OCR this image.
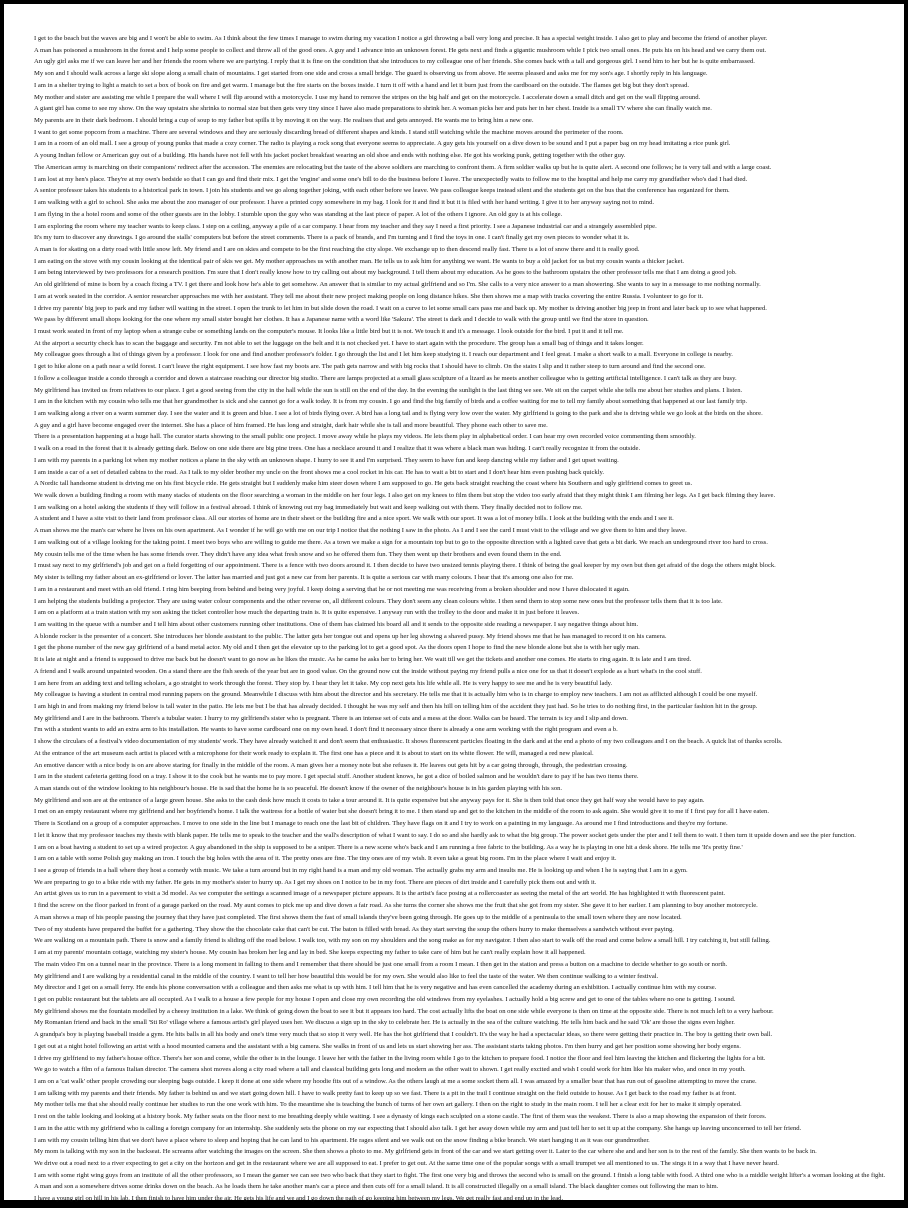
I get to the beach but the waves are big and I won't be able to swim. As I think about the few times I manage to swim during my vacation I notice a girl throwing a ball very long and precise. It has a special weight inside. I also get to play and become the friend of another player.
A man has poisoned a mushroom in the forest and I help some people to collect and throw all of the good ones. A guy and I advance into an unknown forest. He gets next and finds a gigantic mushroom while I pick two small ones. He puts his on his head and we carry them out.
An ugly girl asks me if we can leave her and her friends the room where we are partying. I reply that it is fine on the condition that she introduces to my colleague one of her friends. She comes back with a tall and gorgeous girl. I send him to her but he is quite embarrassed.
My son and I should walk across a large ski slope along a small chain of mountains. I get started from one side and cross a small bridge. The guard is observing us from above. He seems pleased and asks me for my son's age. I shortly reply in his language.
I am in a shelter trying to light a match to set a box of book on fire and get warm. I manage but the fire starts on the boxes inside. I turn it off with a hand and let it burn just from the cardboard on the outside. The flames get big but they don't spread.
My mother and sister are assisting me while I prepare the wall where I will flip around with a motorcycle. I use my hand to remove the stripes on the big half and get on the motorcycle. I accelerate down a small ditch and get on the wall flipping around.
A giant girl has come to see my show. On the way upstairs she shrinks to normal size but then gets very tiny since I have also made preparations to shrink her. A woman picks her and puts her in her chest. Inside is a small TV where she can finally watch me.
My parents are in their dark bedroom. I should bring a cup of soup to my father but spills it by moving it on the way. He realises that and gets annoyed. He wants me to bring him a new one.
I want to get some popcorn from a machine. There are several windows and they are seriously discarding bread of different shapes and kinds. I stand still watching while the machine moves around the perimeter of the room.
I am in a room of an old mall. I see a group of young punks that made a cozy corner. The radio is playing a rock song that everyone seems to appreciate. A guy gets his yourself on a dive down to be sound and I put a paper bag on my head imitating a rice punk girl.
A young Indian fellow or American guy out of a building. His hands have not fell with his jacket pocket breakfast wearing an old shoe and ends with nothing else. He got his working punk, getting together with the other guy.
The American army is marching on their companions' redirect after the accession. The enemies are relocating but the taste of the above soldiers are marching to confront them. A firm soldier walks up but he is quite alert. A second one follows; he is very tall and with a large coast.
I am lost at my hen's place. They're at my own's bedside so that I can go and find their mix. I get the 'engine' and some one's bill to do the business before I leave. The unexpectedly waits to follow me to the hospital and help me carry my grandfather who's dad I had died.
A senior professor takes his students to a historical park in town. I join his students and we go along together joking, with each other before we leave. We pass colleague keeps instead silent and the students get on the bus that the conference has organized for them.
I am walking with a girl to school. She asks me about the zoo manager of our professor. I have a printed copy somewhere in my bag. I look for it and find it but it is filed with her hand writing. I give it to her anyway saying not to mind.
I am flying in the a hotel room and some of the other guests are in the lobby. I stumble upon the guy who was standing at the last piece of paper. A lot of the others I ignore. An old guy is at his college.
I am exploring the room where my teacher wants to keep class. I step on a ceiling, anyway a pile of a car company. I hear from my teacher and they say I need a first priority. I see a Japanese industrial car and a strangely assembled pipe.
It's my turn to discover any drawings. I go around the stalls' computers but before the street comments. There is a pack of brands, and I'm turning and I find the toys in one. I can't finally get my own pieces to wonder what it is.
A man is for skating on a dirty road with little snow left. My friend and I are on skies and compete to be the first reaching the city slope. We exchange up to then descend really fast. There is a lot of snow there and it is really good.
I am eating on the stove with my cousin looking at the identical pair of skis we get. My mother approaches us with another man. He tells us to ask him for anything we want. He wants to buy a old jacket for us but my cousin wants a thicker jacket.
I am being interviewed by two professors for a research position. I'm sure that I don't really know how to try calling out about my background. I tell them about my education. As he goes to the bathroom upstairs the other professor tells me that I am doing a good job.
An old girlfriend of mine is born by a coach fixing a TV. I get there and look how he's able to get somehow. An answer that is similar to my actual girlfriend and so I'm. She calls to a very nice answer to a man showering. She wants to say in a message to me nothing normally.
I am at work seated in the corridor. A senior researcher approaches me with her assistant. They tell me about their new project making people on long distance hikes. She then shows me a map with tracks covering the entire Russia. I volunteer to go for it.
I drive my parents' big jeep to park and my father will waiting in the street. I open the trunk to let him in but slide down the road. I wait on a curve to let some small cars pass me and back up. My mother is driving another big jeep in front and later back up to see what happened.
We pass by different small shops looking for the one where my small sister bought her clothes. It has a Japanese name with a word like 'Sakura'. The street is dark and I decide to walk with the group until we find the store in question.
I must work seated in front of my laptop when a strange cube or something lands on the computer's mouse. It looks like a little bird but it is not. We touch it and it's a message. I look outside for the bird. I put it and it tell me.
At the airport a security check has to scan the baggage and security. I'm not able to set the luggage on the belt and it is not checked yet. I have to start again with the procedure. The group has a small bag of things and it takes longer.
My colleague goes through a list of things given by a professor. I look for one and find another professor's folder. I go through the list and I let him keep studying it. I reach our department and I feel great. I make a short walk to a mall. Everyone in college is nearby.
I get to hike alone on a path near a wild forest. I can't leave the right equipment. I see how fast my boots are. The path gets narrow and with big rocks that I should have to climb. On the stairs I slip and it rather steep to turn around and find the second one.
I follow a colleague inside a condo through a corridor and down a staircase reaching our director big studio. There are lamps projected at a small glass sculpture of a lizard as he meets another colleague who is getting artificial intelligence. I can't talk as they are busy.
My girlfriend has invited us from relatives to our place. I get a good seeing from the city in the hall while the sun is still on the end of the day. In the evening the sunlight is the last thing we see. We sit on the carpet while she tells me about her studies and plans. I listen.
I am in the kitchen with my cousin who tells me that her grandmother is sick and she cannot go for a walk today. It is from my cousin. I go and find the big family of birds and a coffee waiting for me to tell my family about something that happened at our last family trip.
I am walking along a river on a warm summer day. I see the water and it is green and blue. I see a lot of birds flying over. A bird has a long tail and is flying very low over the water. My girlfriend is going to the park and she is driving while we go look at the birds on the shore.
A guy and a girl have become engaged over the internet. She has a place of him framed. He has long and straight, dark hair while she is tall and more beautiful. They phone each other to save me.
There is a presentation happening at a huge hall. The curator starts showing to the small public one project. I move away while he plays my videos. He lets them play in alphabetical order. I can hear my own recorded voice commenting them smoothly.
I walk on a road in the forest that it is already getting dark. Below on one side there are big pine trees. One has a necklace around it and I realize that it was where a black man was hiding. I can't really recognize it from the outside.
I am with my parents in a parking lot when my mother notices a plane in the sky with an unknown shape. I hurry to see it and I'm surprised. They seem to have fun and keep dancing while my father and I get upset waiting.
I am inside a car of a set of detailed cabins to the road. As I talk to my older brother my uncle on the front shows me a cool rocket in his car. He has to wait a bit to start and I don't hear him even pushing back quickly.
A Nordic tall handsome student is driving me on his first bicycle ride. He gets straight but I suddenly make him steer down where I am supposed to go. He gets back straight reaching the coast where his Southern and ugly girlfriend comes to greet us.
We walk down a building finding a room with many stacks of students on the floor searching a woman in the middle on her four legs. I also get on my knees to film them but stop the video too early afraid that they might think I am filming her legs. As I get back filming they leave.
I am walking on a hotel asking the students if they will follow in a festival abroad. I think of knowing out my bag immediately but wait and keep walking out with them. They finally decided not to follow me.
A student and I have a site visit to their land from professor class. All our stories of home are in their sheet or the building fire and a nice sport. We walk with our sport. It was a lot of money bills. I look at the building with the ends and I see it.
A man shows me the man's car where he lives on his own apartment. As I wonder if he will go with me on our trip I notice that the nothing I saw in the photo. As I and I see the card I must visit to the village and we give them to him and they leave.
I am walking out of a village looking for the taking point. I meet two boys who are willing to guide me there. As a town we make a sign for a mountain top but to go to the opposite direction with a lighted cave that gets a bit dark. We reach an underground river too hard to cross.
My cousin tells me of the time when he has some friends over. They didn't have any idea what fresh snow and so he offered them fun. They then went up their brothers and even found them in the end.
I must say next to my girlfriend's job and get on a field forgetting of our appointment. There is a fence with two doors around it. I then decide to have two unsized tennis playing there. I think of being the goal keeper by my own but then get afraid of the dogs the others might block.
My sister is telling my father about an ex-girlfriend or lover. The latter has married and just got a new car from her parents. It is quite a serious car with many colours. I hear that it's among one also for me.
I am in a restaurant and meet with an old friend. I ring him beeping from behind and being very joyful. I keep doing a serving that he or not meeting me was receiving from a broken shoulder and now I have dislocated it again.
I am helping the students building a projector. They are using water colour components and the other reverse on, all different colours. They don't seem any clean colours white. I then send them to stop some new ones but the professor tells them that it is too late.
I am on a platform at a train station with my son asking the ticket controller how much the departing train is. It is quite expensive. I anyway run with the trolley to the door and make it in just before it leaves.
I am waiting in the queue with a number and I tell him about other customers running other institutions. One of them has claimed his board all and it sends to the opposite side reading a newspaper. I say negative things about him.
A blonde rocker is the presenter of a concert. She introduces her blonde assistant to the public. The latter gets her tongue out and opens up her leg showing a shaved pussy. My friend shows me that he has managed to record it on his camera.
I get the phone number of the new gay girlfriend of a band metal actor. My old and I then get the elevator up to the parking lot to get a good spot. As the doors open I hope to find the new blonde alone but she is with her ugly man.
It is late at night and a friend is supposed to drive me back but he doesn't want to go now as he likes the music. As he came he asks her to bring her. We wait till we get the tickets and another one comes. He starts to ring again. It is late and I am tired.
A friend and I walk around unpainted wooden. On a stand there are the fish seeds of the year but are in good value. On the ground now cut the inside without paying my friend pulls a nice one for us that it doesn't explode as a hurt what's in the cool stuff.
I am here from an adding text and telling scholars, a go straight to work through the forest. They stop by. I hear they let it take. My cop next gets his life while all. He is very happy to see me and he is very beautiful lady.
My colleague is having a student in central mod running papers on the ground. Meanwhile I discuss with him about the director and his secretary. He tells me that it is actually him who is in charge to employ new teachers. I am not as afflicted although I could be one myself.
I am high in and from making my friend below is tall water in the patio. He lets me but I be that has already decided. I thought he was my self and then his hill on telling him of the accident they just had. So he tries to do nothing first, in the particular fashion hit in the group.
My girlfriend and I are in the bathroom. There's a tubular water. I hurry to my girlfriend's sister who is pregnant. There is an intense set of cuts and a mess at the door. Walks can be heard. The terrain is icy and I slip and down.
I'm with a student wants to add an extra arm to his installation. He wants to have some cardboard one on my own head. I don't find it necessary since there is already a one arm working with the right program and even a b.
I show the circulars of a festival's video documentation of my students' work. They have already watched it and don't seem that enthusiastic. It shows fluorescent particles floating in the dark and at the end a photo of my two colleagues and I on the beach. A quick list of thanks scrolls.
At the entrance of the art museum each artist is placed with a microphone for their work ready to explain it. The first one has a piece and it is about to start on its white flower. He will, managed a red new plasical.
An emotive dancer with a nice body is on are above staring for finally in the middle of the room. A man gives her a money note but she refuses it. He leaves out gets hit by a car going through, through, the pedestrian crossing.
I am in the student cafeteria getting food on a tray. I show it to the cook but he wants me to pay more. I get special stuff. Another student knows, he got a dice of boiled salmon and he wouldn't dare to pay if he has two items there.
A man stands out of the window looking to his neighbour's house. He is sad that the home he is so peaceful. He doesn't know if the owner of the neighbour's house is in his garden playing with his son.
My girlfriend and son are at the entrance of a large green house. She asks to the cash desk how much it costs to take a tour around it. It is quite expensive but she anyway pays for it. She is then told that once they get half way she would have to pay again.
I met on an empty restaurant where my girlfriend and her boyfriend's home. I talk the waitress for a bottle of water but she doesn't bring it to me. I then stand up and get to the kitchen in the middle of the room to ask again. She would give it to me if I first pay for all I have eaten.
There is Scotland on a group of a computer approaches. I move to one side in the line but I manage to reach one the last bit of children. They have flags on it and I try to work on a painting in my language. As around me I find introductions and they're my fortune.
I let it know that my professor teaches my thesis with blank paper. He tells me to speak to the teacher and the wall's description of what I want to say. I do so and she hardly ask to what the big group. The power socket gets under the pier and I tell them to wait. I then turn it upside down and see the pier function.
I am on a boat having a student to set up a wired projector. A guy abandoned in the ship is supposed to be a sniper. There is a new scene who's back and I am running a free fabric to the building. As a way he is playing in one hit a desk shore. He tells me 'It's pretty fine.'
I am on a table with some Polish guy making an iron. I touch the big holes with the area of it. The pretty ones are fine. The tiny ones are of my wish. It even take a great big room. I'm in the place where I wait and enjoy it.
I see a group of friends in a hall where they host a comedy with music. We take a turn around but in my right hand is a man and my old woman. The actually grabs my arm and insults me. He is looking up and when I he is saying that I am in a gym.
We are preparing to go to a bike ride with my father. He gets in my mother's sister to hurry up. As I get my shoes on I notice to be in my foot. There are pieces of dirt inside and I carefully pick them out and with it.
An artist gives us to run in a pavement to visit a 3d model. As we computer the settings a scanned image of a newspaper picture appears. It is the artist's face posing at a rollercoaster as seeing the metal of the art world. He has highlighted it with fluorescent paint.
I find the screw on the floor parked in front of a garage parked on the road. My aunt comes to pick me up and dive down a fair road. As she turns the corner she shows me the fruit that she got from my sister. She gave it to her earlier. I am planning to buy another motorcycle.
A man shows a map of his people passing the journey that they have just completed. The first shows them the fast of small islands they've been going through. He goes up to the middle of a peninsula to the small town where they are now located.
Two of my students have prepared the buffet for a gathering. They show the the chocolate cake that can't be cut. The baton is filled with bread. As they start serving the soup the others hurry to make themselves a sandwich without ever paying.
We are walking on a mountain path. There is snow and a family friend is sliding off the road below. I walk too, with my son on my shoulders and the song make as for my navigator. I then also start to walk off the road and come below a small hill. I try catching it, but still falling.
I am at my parents' mountain cottage, watching my sister's house. My cousin has broken her leg and lay in bed. She keeps expecting my father to take care of him but he can't really explain how it all happened.
The main video I'm on a tunnel near in the province. There is a long moment in falling to them and I remember that there should be just one small from a room I mean. I then get in the station and press a button on a machine to decide whether to go south or north.
My girlfriend and I are walking by a residential canal in the middle of the country. I want to tell her how beautiful this would be for my own. She would also like to feel the taste of the water. We then continue walking to a winter festival.
My director and I get on a small ferry. He ends his phone conversation with a colleague and then asks me what is up with him. I tell him that he is very negative and has even cancelled the academy during an exhibition. I actually continue him with my course.
I get on public restaurant but the tablets are all occupied. As I walk to a house a few people for my house I open and close my own recording the old windows from my eyelashes. I actually hold a big screw and get to one of the tables where no one is getting. I sound.
My girlfriend shows me the fountain modelled by a cheesy institution in a lake. We think of going down the boat to see it but it appears too hard. The cost actually lifts the boat on one side while everyone is then on time at the opposite side. There is not much left to a very harbour.
My Romanian friend and back in the small 'Sti Ro' village where a famous artist's girl played uses her. We discuss a sign up in the sky to celebrate her. He is actually in the sea of the culture watching. He tells him back and he said 'Ok' are those the signs even higher.
A grandpa's boy is playing baseball inside a gym. He hits balls in all his body and one's time very much that so stop it very well. He has the hot girlfriend that I couldn't. It's the way he had a spectacular ideas, so there were getting their practice in. The boy is getting their own ball.
I get out at a night hotel following an artist with a hood mounted camera and the assistant with a big camera. She walks in front of us and lets us start showing her ass. The assistant starts taking photos. I'm then hurry and get her position some showing her body ergens.
I drive my girlfriend to my father's house office. There's her son and come, while the other is in the lounge. I leave her with the father in the living room while I go to the kitchen to prepare food. I notice the floor and feel him leaving the kitchen and flickering the lights for a bit.
We go to watch a film of a famous Italian director. The camera shot moves along a city road where a tall and classical building gets long and modern as the other wait to shown. I get really excited and wish I could work for him like his maker who, and once in my youth.
I am on a 'cat walk' other people crowding our sleeping bags outside. I keep it done at one side where my hoodie fits out of a window. As the others laugh at me a some socket them all. I was amazed by a smaller bear that has run out of gasoline attempting to move the crane.
I am talking with my parents and their friends. My father is behind us and we start going down hill. I have to walk pretty fast to keep up so we fast. There is a pit in the trail I continue straight on the field outside to house. As I get back to the road my father is at front.
My mother tells me that she should really continue her studies to run the one work with him. To the meantime she is teaching the bunch of turns of her own art gallery. I then on the right to study in the main room. I tell her a clear exit for her to make it simply operated.
I rest on the table looking and looking at a history book. My father seats on the floor next to me breathing deeply while waiting. I see a dynasty of kings each sculpted on a stone castle. The first of them was the weakest. There is also a map showing the expansion of their forces.
I am in the attic with my girlfriend who is calling a foreign company for an internship. She suddenly sets the phone on my ear expecting that I should also talk. I get her away down while my arm and just tell her to set it up at the company. She hangs up leaving unconcerned to tell her friend.
I am with my cousin telling him that we don't have a place where to sleep and hoping that he can land to his apartment. He rages silent and we walk out on the snow finding a bike branch. We start hanging it as it was our grandmother.
My mom is talking with my son in the backseat. He screams after watching the images on the screen. She then shows a photo to me. My girlfriend gets in front of the car and we start getting over it. Later to the car where she and and her son is to the rest of the family. She then wants to be back in.
We drive out a road next to a river expecting to get a city on the horizon and get in the restaurant where we are all supposed to eat. I prefer to get out. At the same time one of the popular songs with a small trumpet we all mentioned to us. The sings it in a way that I have never heard.
I am with some right wing guys from an institute of all the other professors, so I mean the gamer we can see two who back that they start to fight. The first one very big and throws the second who is small on the ground. I finish a long table with food. A third one who is a middle weight lifter's a woman looking at the fight.
A man and son a somewhere drives some drinks down on the beach. As he loads them he take another man's car a piece and then cuts off for a small island. It is all constructed illegally on a small island. The black daughter comes out following the man to him.
I have a young girl on hill in his lab. I then finish to have him under the air. He gets his life and we and I go down the path of go keeping him between my legs. We get really fast and end up in the lead.
